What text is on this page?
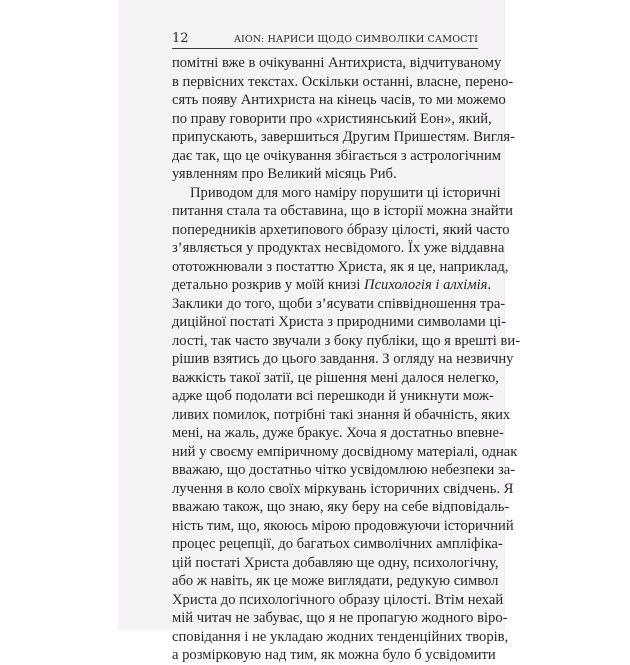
12	AION: НАРИСИ ЩОДО СИМВОЛІКИ САМОСТІ
помітні вже в очікуванні Антихриста, відчитуваному
в первісних текстах. Оскільки останні, власне, перено-
сять появу Антихриста на кінець часів, то ми можемо
по праву говорити про «християнський Еон», який,
припускають, завершиться Другим Пришестям. Вигля-
дає так, що це очікування збігається з астрологічним
уявленням про Великий місяць Риб.
Приводом для мого наміру порушити ці історичні
питання стала та обставина, що в історії можна знайти
попередників архетипового óбразу цілості, який часто
з’являється у продуктах несвідомого. Їх уже віддавна
ототожнювали з постаттю Христа, як я це, наприклад,
детально розкрив у моїй книзі Психологія і алхімія.
Заклики до того, щоби з’ясувати співвідношення тра-
диційної постаті Христа з природними символами ці-
лості, так часто звучали з боку публіки, що я врешті ви-
рішив взятись до цього завдання. З огляду на незвичну
важкість такої затії, це рішення мені далося нелегко,
адже щоб подолати всі перешкоди й уникнути мож-
ливих помилок, потрібні такі знання й обачність, яких
мені, на жаль, дуже бракує. Хоча я достатньо впевне-
ний у своєму емпіричному досвідному матеріалі, однак
вважаю, що достатньо чітко усвідомлюю небезпеки за-
лучення в коло своїх міркувань історичних свідчень. Я
вважаю також, що знаю, яку беру на себе відповідаль-
ність тим, що, якоюсь мірою продовжуючи історичний
процес рецепції, до багатьох символічних ампліфіка-
цій постаті Христа добавляю ще одну, психологічну,
або ж навіть, як це може виглядати, редукую символ
Христа до психологічного образу цілості. Втім нехай
мій читач не забуває, що я не пропагую жодного віро-
сповідання і не укладаю жодних тенденційних творів,
а розмірковую над тим, як можна було б усвідомити
